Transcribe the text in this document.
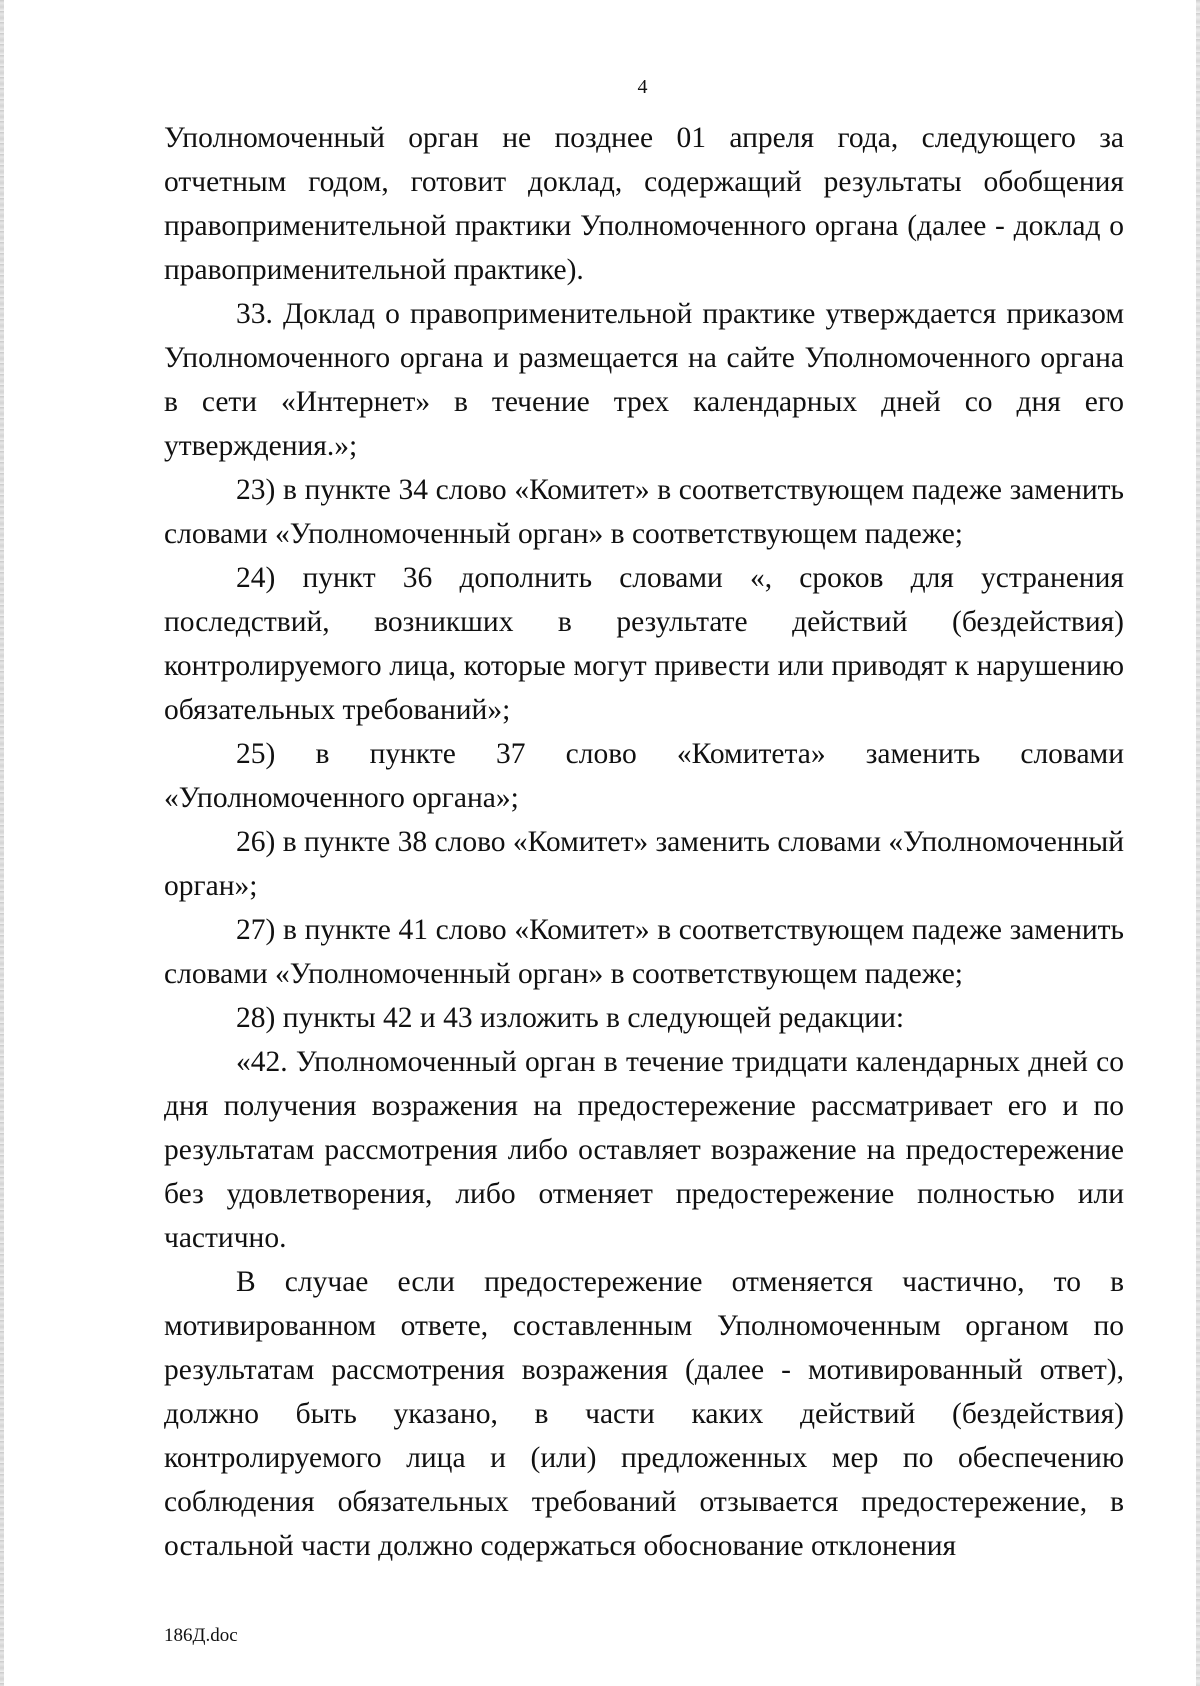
4

Уполномоченный орган не позднее 01 апреля года, следующего за отчетным годом, готовит доклад, содержащий результаты обобщения правоприменительной практики Уполномоченного органа (далее - доклад о правоприменительной практике).

33. Доклад о правоприменительной практике утверждается приказом Уполномоченного органа и размещается на сайте Уполномоченного органа в сети «Интернет» в течение трех календарных дней со дня его утверждения.»;

23) в пункте 34 слово «Комитет» в соответствующем падеже заменить словами «Уполномоченный орган» в соответствующем падеже;

24) пункт 36 дополнить словами «, сроков для устранения последствий, возникших в результате действий (бездействия) контролируемого лица, которые могут привести или приводят к нарушению обязательных требований»;

25) в пункте 37 слово «Комитета» заменить словами «Уполномоченного органа»;

26) в пункте 38 слово «Комитет» заменить словами «Уполномоченный орган»;

27) в пункте 41 слово «Комитет» в соответствующем падеже заменить словами «Уполномоченный орган» в соответствующем падеже;

28) пункты 42 и 43 изложить в следующей редакции:

«42. Уполномоченный орган в течение тридцати календарных дней со дня получения возражения на предостережение рассматривает его и по результатам рассмотрения либо оставляет возражение на предостережение без удовлетворения, либо отменяет предостережение полностью или частично.

В случае если предостережение отменяется частично, то в мотивированном ответе, составленным Уполномоченным органом по результатам рассмотрения возражения (далее - мотивированный ответ), должно быть указано, в части каких действий (бездействия) контролируемого лица и (или) предложенных мер по обеспечению соблюдения обязательных требований отзывается предостережение, в остальной части должно содержаться обоснование отклонения

186Д.doc
